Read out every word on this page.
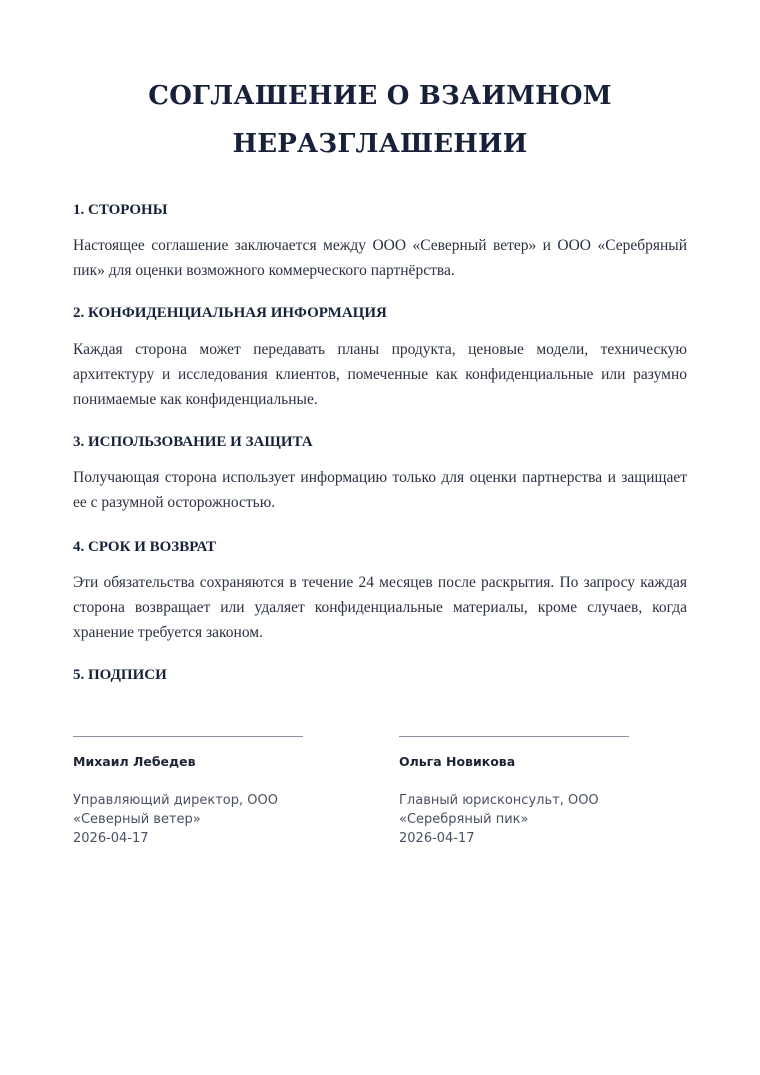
СОГЛАШЕНИЕ О ВЗАИМНОМ
НЕРАЗГЛАШЕНИИ
1. СТОРОНЫ

Настоящее соглашение заключается между ООО «Северный ветер» и ООО «Серебряный пик» для оценки возможного коммерческого партнёрства.

2. КОНФИДЕНЦИАЛЬНАЯ ИНФОРМАЦИЯ

Каждая сторона может передавать планы продукта, ценовые модели, техническую архитектуру и исследования клиентов, помеченные как конфиденциальные или разумно понимаемые как конфиденциальные.

3. ИСПОЛЬЗОВАНИЕ И ЗАЩИТА

Получающая сторона использует информацию только для оценки партнерства и защищает ее с разумной осторожностью.

4. СРОК И ВОЗВРАТ

Эти обязательства сохраняются в течение 24 месяцев после раскрытия. По запросу каждая сторона возвращает или удаляет конфиденциальные материалы, кроме случаев, когда хранение требуется законом.

5. ПОДПИСИ
Михаил Лебедев
Управляющий директор, ООО «Северный ветер»
2026-04-17
Ольга Новикова
Главный юрисконсульт, ООО «Серебряный пик»
2026-04-17
